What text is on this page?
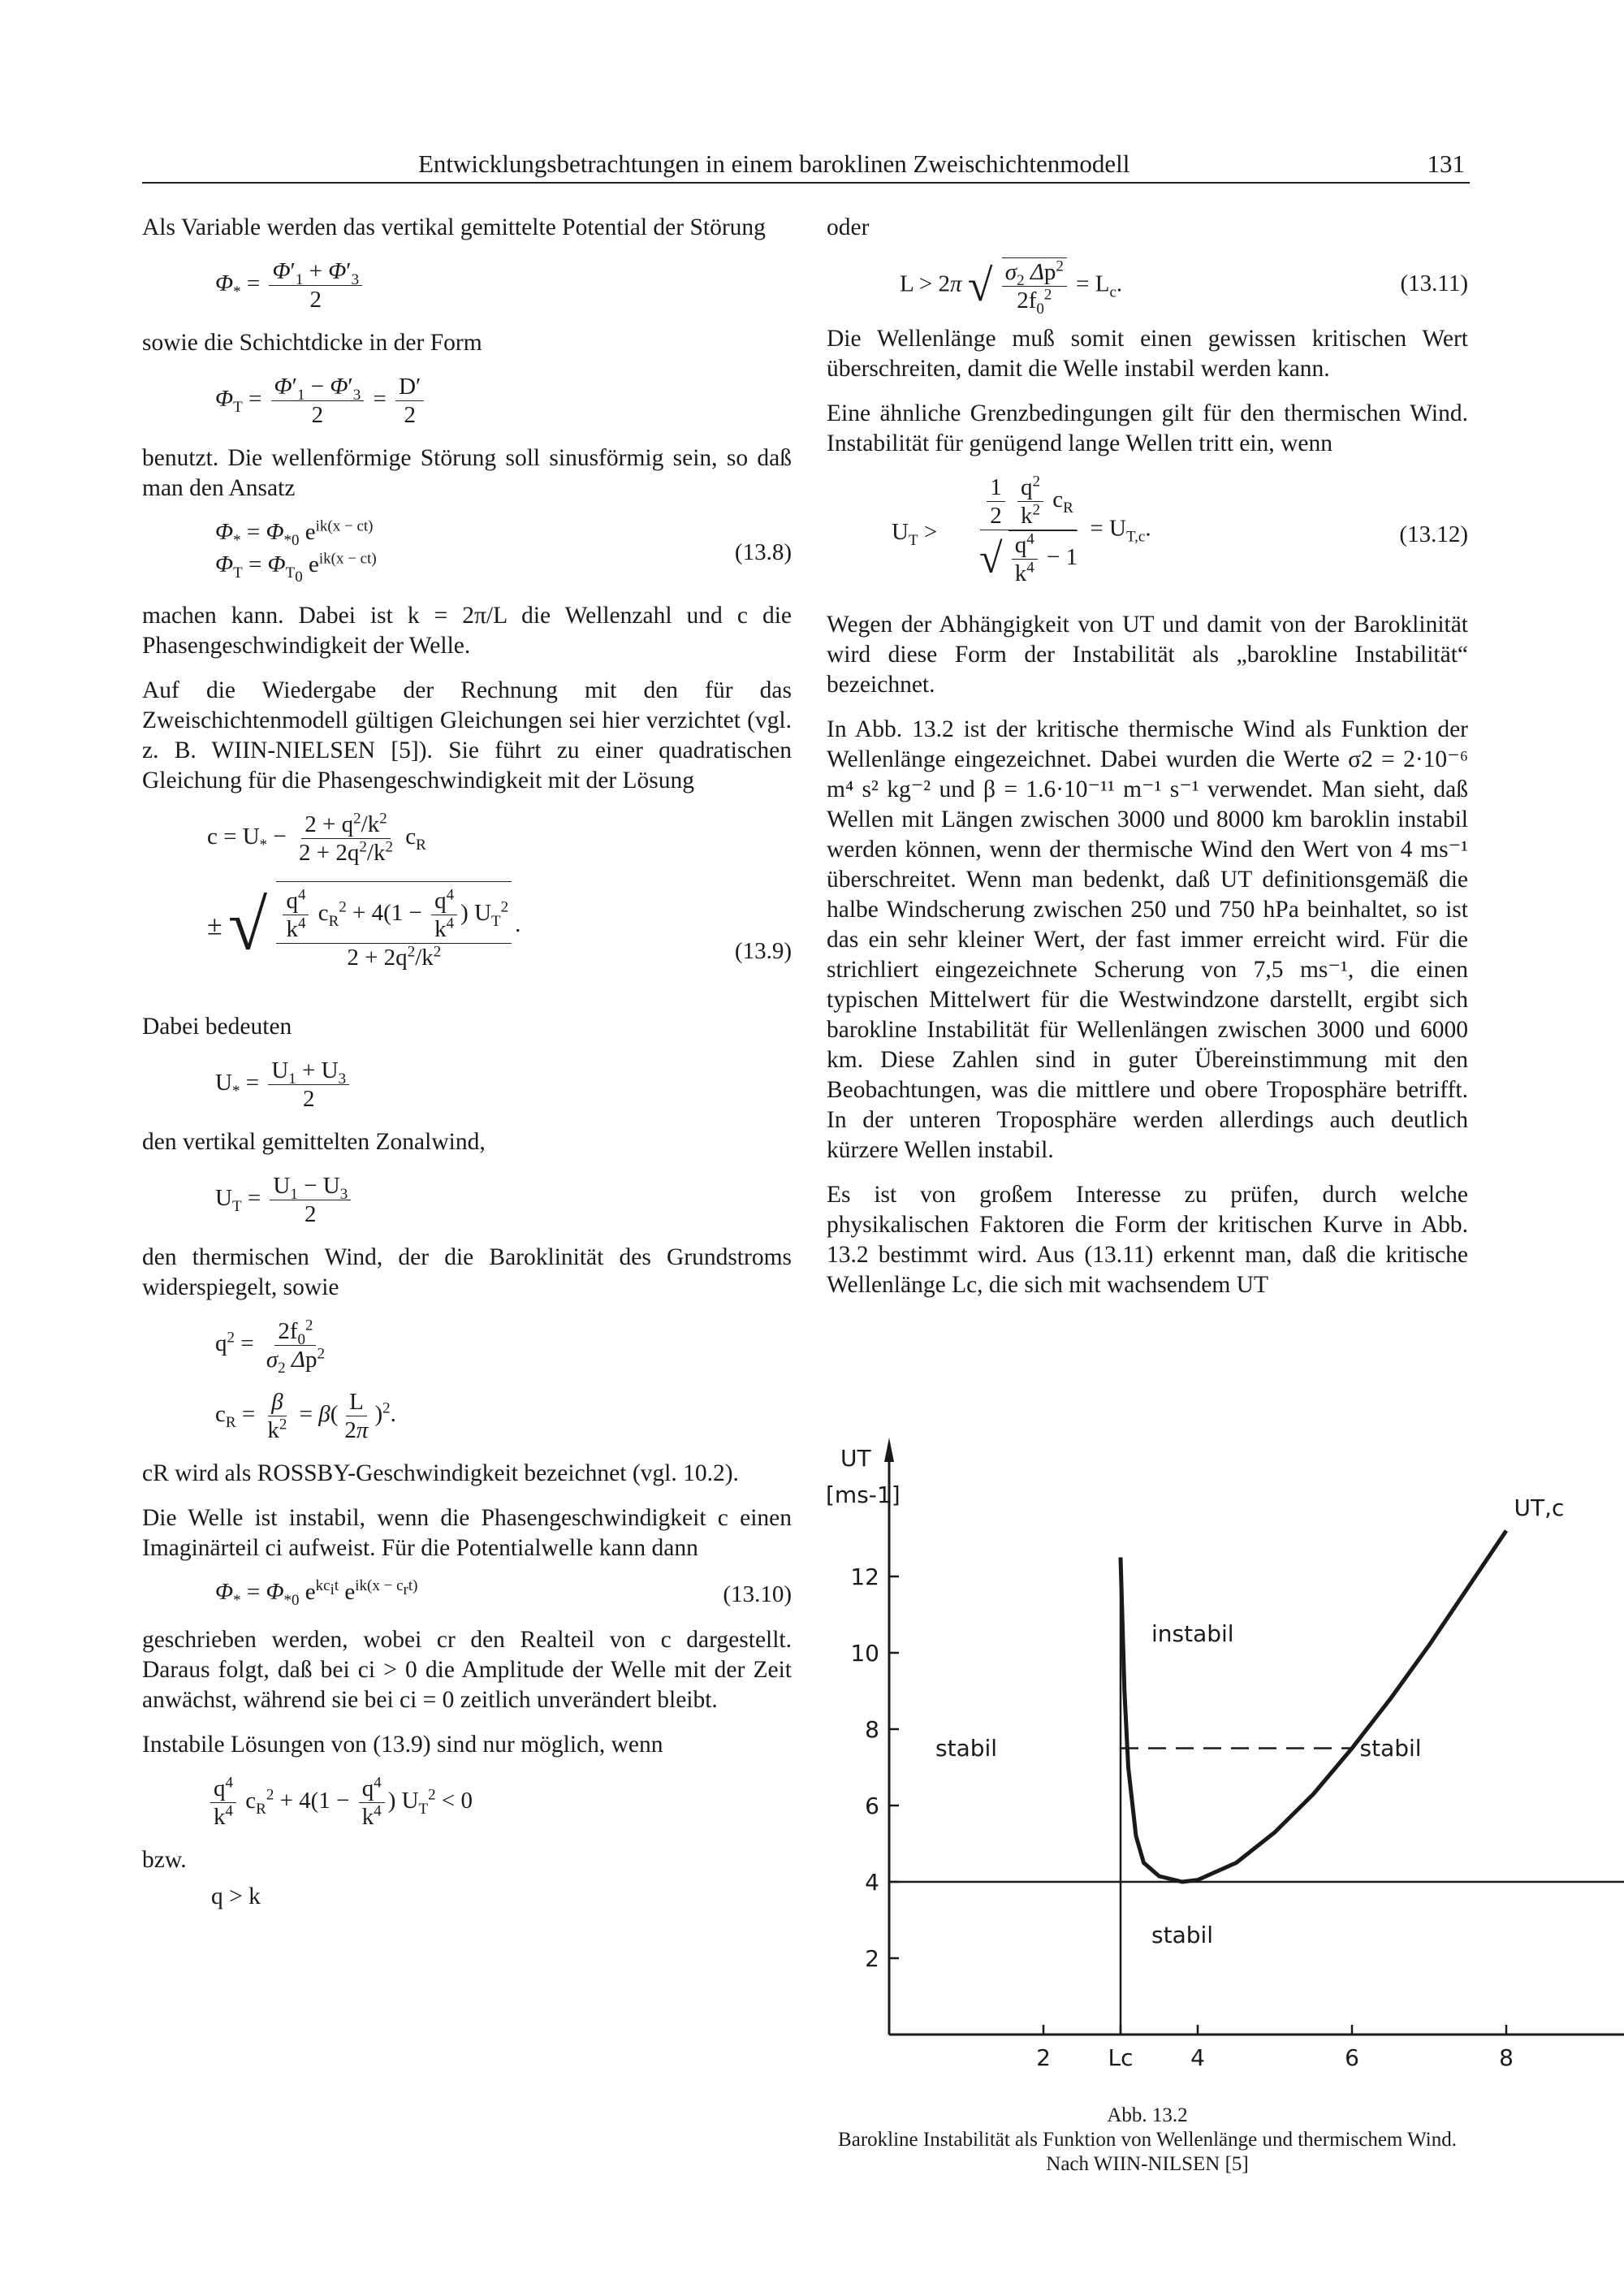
Entwicklungsbetrachtungen in einem baroklinen Zweischichtenmodell	131

Als Variable werden das vertikal gemittelte Potential der Störung

$\Phi_* = \frac{\Phi'_1 + \Phi'_3}{2}$

sowie die Schichtdicke in der Form

$\Phi_T = \frac{\Phi'_1 - \Phi'_3}{2} = \frac{D'}{2}$

benutzt. Die wellenförmige Störung soll sinusförmig sein, so daß man den Ansatz

$\Phi_* = \Phi_{*0}$ $e^{ik(x - ct)}$
$\Phi_T = \Phi_{T_0}$ $e^{ik(x - ct)}$	(13.8)

machen kann. Dabei ist k = 2π/L die Wellenzahl und c die Phasengeschwindigkeit der Welle.

Auf die Wiedergabe der Rechnung mit den für das Zweischichtenmodell gültigen Gleichungen sei hier verzichtet (vgl. z. B. WIIN-NIELSEN [5]). Sie führt zu einer quadratischen Gleichung für die Phasengeschwindigkeit mit der Lösung

$c = U_* - \frac{2 + q^2/k^2}{2 + 2q^2/k^2} c_R$
± √ $\frac{\frac{q^4}{k^4} c_R^2 + 4(1 - \frac{q^4}{k^4} ) U_T^2}{2 + 2q^2/k^2}$ .
(13.9)

Dabei bedeuten

$U_* = \frac{U_1 + U_3}{2}$

den vertikal gemittelten Zonalwind,

$U_T = \frac{U_1 - U_3}{2}$

den thermischen Wind, der die Baroklinität des Grundstroms widerspiegelt, sowie

$q^2 = \frac{2f_0^2}{\sigma_2 \Delta p^2}$
$c_R = \frac{\beta}{k^2} = \beta( \frac{L}{2\pi} )^2$.

cR wird als ROSSBY-Geschwindigkeit bezeichnet (vgl. 10.2).

Die Welle ist instabil, wenn die Phasengeschwindigkeit c einen Imaginärteil ci aufweist. Für die Potentialwelle kann dann

$\Phi_* = \Phi_{*0}$ $e^{kc_it}$ $e^{ik(x - c_rt)}$	(13.10)

geschrieben werden, wobei cr den Realteil von c dargestellt. Daraus folgt, daß bei ci > 0 die Amplitude der Welle mit der Zeit anwächst, während sie bei ci = 0 zeitlich unverändert bleibt.

Instabile Lösungen von (13.9) sind nur möglich, wenn

$\frac{q^4}{k^4} c_R^2 + 4(1 - \frac{q^4}{k^4}$ ) $U_T^2 < 0$

bzw.

q > k

oder

L > 2π √ $\frac{\sigma_2 \Delta p^2}{2f_0^2} = L_c$.	(13.11)

Die Wellenlänge muß somit einen gewissen kritischen Wert überschreiten, damit die Welle instabil werden kann.

Eine ähnliche Grenzbedingungen gilt für den thermischen Wind. Instabilität für genügend lange Wellen tritt ein, wenn

$U_T > \frac{1}{2}$
$\frac{q^2}{k^2} c_R$
√ $\frac{q^4}{k^4} - 1 = U_{T,c}$.	(13.12)

Wegen der Abhängigkeit von UT und damit von der Baroklinität wird diese Form der Instabilität als „barokline Instabilität“ bezeichnet.

In Abb. 13.2 ist der kritische thermische Wind als Funktion der Wellenlänge eingezeichnet. Dabei wurden die Werte σ2 = 2·10⁻⁶ m⁴ s² kg⁻² und β = 1.6·10⁻¹¹ m⁻¹ s⁻¹ verwendet. Man sieht, daß Wellen mit Längen zwischen 3000 und 8000 km baroklin instabil werden können, wenn der thermische Wind den Wert von 4 ms⁻¹ überschreitet. Wenn man bedenkt, daß UT definitionsgemäß die halbe Windscherung zwischen 250 und 750 hPa beinhaltet, so ist das ein sehr kleiner Wert, der fast immer erreicht wird. Für die strichliert eingezeichnete Scherung von 7,5 ms⁻¹, die einen typischen Mittelwert für die Westwindzone darstellt, ergibt sich barokline Instabilität für Wellenlängen zwischen 3000 und 6000 km. Diese Zahlen sind in guter Übereinstimmung mit den Beobachtungen, was die mittlere und obere Troposphäre betrifft. In der unteren Troposphäre werden allerdings auch deutlich kürzere Wellen instabil.

Es ist von großem Interesse zu prüfen, durch welche physikalischen Faktoren die Form der kritischen Kurve in Abb. 13.2 bestimmt wird. Aus (13.11) erkennt man, daß die kritische Wellenlänge Lc, die sich mit wachsendem UT

2
4
6
8
10
12
2	Lc	4	6	8
UT
[ms-1]	UT,c
instabil
stabil	stabil
stabil
Abb. 13.2
Barokline Instabilität als Funktion von Wellenlänge und thermischem Wind. Nach WIIN-NILSEN [5]
